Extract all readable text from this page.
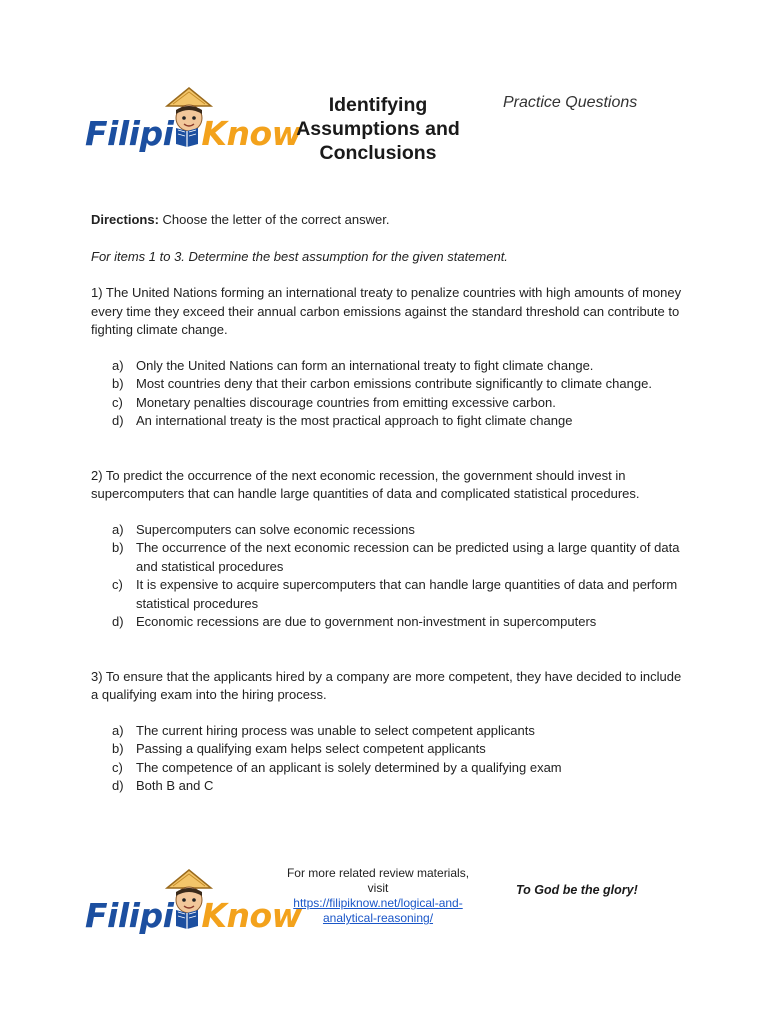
Filipi Know
Identifying Assumptions and Conclusions
Practice Questions

Directions: Choose the letter of the correct answer.

For items 1 to 3. Determine the best assumption for the given statement.

1) The United Nations forming an international treaty to penalize countries with high amounts of money every time they exceed their annual carbon emissions against the standard threshold can contribute to fighting climate change.

a) Only the United Nations can form an international treaty to fight climate change.
b) Most countries deny that their carbon emissions contribute significantly to climate change.
c) Monetary penalties discourage countries from emitting excessive carbon.
d) An international treaty is the most practical approach to fight climate change

2) To predict the occurrence of the next economic recession, the government should invest in supercomputers that can handle large quantities of data and complicated statistical procedures.

a) Supercomputers can solve economic recessions
b) The occurrence of the next economic recession can be predicted using a large quantity of data and statistical procedures
c) It is expensive to acquire supercomputers that can handle large quantities of data and perform statistical procedures
d) Economic recessions are due to government non-investment in supercomputers

3) To ensure that the applicants hired by a company are more competent, they have decided to include a qualifying exam into the hiring process.

a) The current hiring process was unable to select competent applicants
b) Passing a qualifying exam helps select competent applicants
c) The competence of an applicant is solely determined by a qualifying exam
d) Both B and C
Filipi Know
For more related review materials, visit
https://filipiknow.net/logical-and-analytical-reasoning/
To God be the glory!
